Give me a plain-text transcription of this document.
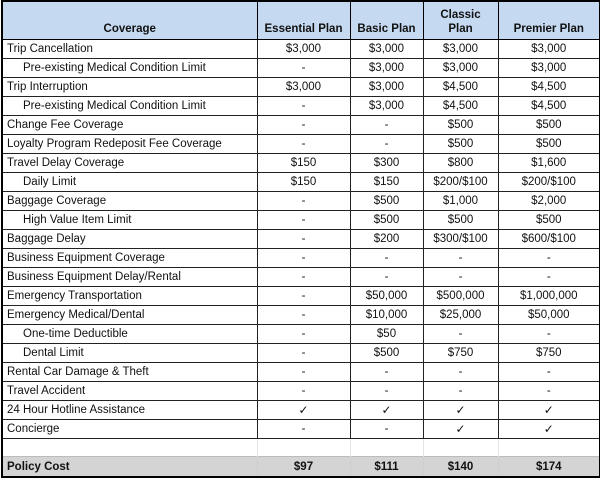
Coverage	Essential Plan	Basic Plan	Classic Plan	Premier Plan
Trip Cancellation	$3,000	$3,000	$3,000	$3,000
Pre-existing Medical Condition Limit	-	$3,000	$3,000	$3,000
Trip Interruption	$3,000	$3,000	$4,500	$4,500
Pre-existing Medical Condition Limit	-	$3,000	$4,500	$4,500
Change Fee Coverage	-	-	$500	$500
Loyalty Program Redeposit Fee Coverage	-	-	$500	$500
Travel Delay Coverage	$150	$300	$800	$1,600
Daily Limit	$150	$150	$200/$100	$200/$100
Baggage Coverage	-	$500	$1,000	$2,000
High Value Item Limit	-	$500	$500	$500
Baggage Delay	-	$200	$300/$100	$600/$100
Business Equipment Coverage	-	-	-	-
Business Equipment Delay/Rental	-	-	-	-
Emergency Transportation	-	$50,000	$500,000	$1,000,000
Emergency Medical/Dental	-	$10,000	$25,000	$50,000
One-time Deductible	-	$50	-	-
Dental Limit	-	$500	$750	$750
Rental Car Damage & Theft	-	-	-	-
Travel Accident	-	-	-	-
24 Hour Hotline Assistance	✓	✓	✓	✓
Concierge	-	-	✓	✓

Policy Cost	$97	$111	$140	$174
